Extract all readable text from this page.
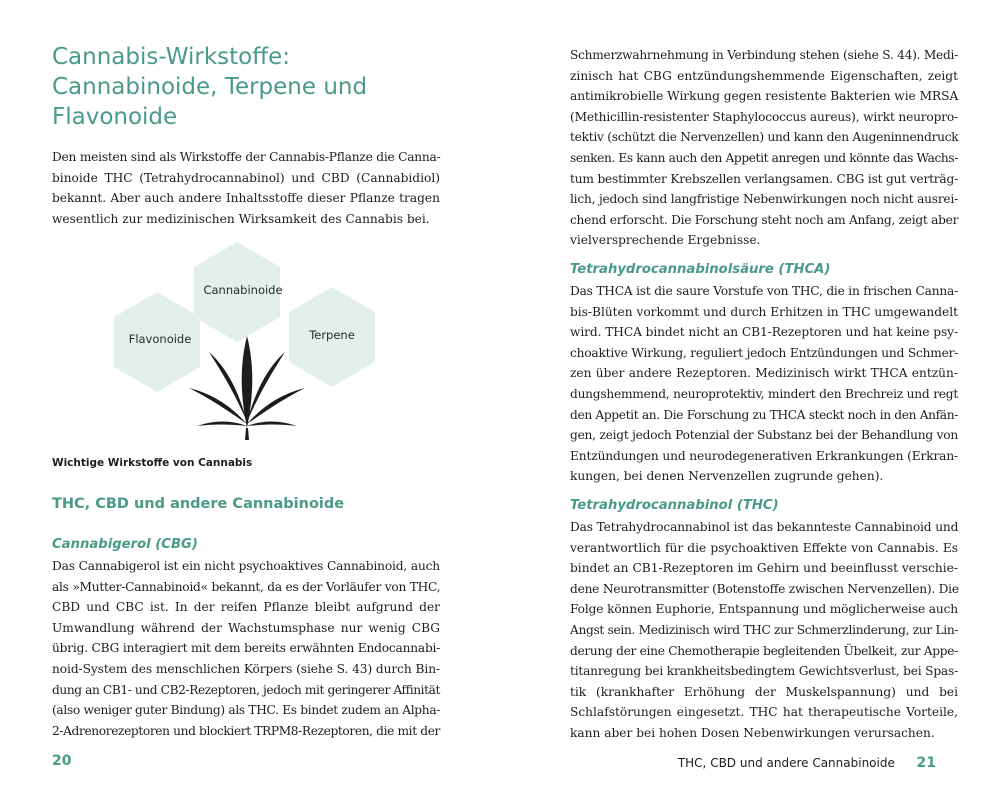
Cannabis-Wirkstoffe:
Cannabinoide, Terpene und
Flavonoide

Den meisten sind als Wirkstoffe der Cannabis-Pflanze die Canna-
binoide THC (Tetrahydrocannabinol) und CBD (Cannabidiol)
bekannt. Aber auch andere Inhaltsstoffe dieser Pflanze tragen
wesentlich zur medizinischen Wirksamkeit des Cannabis bei.

Cannabinoide
Flavonoide	Terpene
Wichtige Wirkstoffe von Cannabis
THC, CBD und andere Cannabinoide
Cannabigerol (CBG)

Das Cannabigerol ist ein nicht psychoaktives Cannabinoid, auch
als »Mutter-Cannabinoid« bekannt, da es der Vorläufer von THC,
CBD und CBC ist. In der reifen Pflanze bleibt aufgrund der
Umwandlung während der Wachstumsphase nur wenig CBG
übrig. CBG interagiert mit dem bereits erwähnten Endocannabi-
noid-System des menschlichen Körpers (siehe S. 43) durch Bin-
dung an CB1- und CB2-Rezeptoren, jedoch mit geringerer Affinität
(also weniger guter Bindung) als THC. Es bindet zudem an Alpha-
2-Adrenorezeptoren und blockiert TRPM8-Rezeptoren, die mit der

20

Schmerzwahrnehmung in Verbindung stehen (siehe S. 44). Medi-
zinisch hat CBG entzündungshemmende Eigenschaften, zeigt
antimikrobielle Wirkung gegen resistente Bakterien wie MRSA
(Methicillin-resistenter Staphylococcus aureus), wirkt neuropro-
tektiv (schützt die Nervenzellen) und kann den Augeninnendruck
senken. Es kann auch den Appetit anregen und könnte das Wachs-
tum bestimmter Krebszellen verlangsamen. CBG ist gut verträg-
lich, jedoch sind langfristige Nebenwirkungen noch nicht ausrei-
chend erforscht. Die Forschung steht noch am Anfang, zeigt aber
vielversprechende Ergebnisse.

Tetrahydrocannabinolsäure (THCA)

Das THCA ist die saure Vorstufe von THC, die in frischen Canna-
bis-Blüten vorkommt und durch Erhitzen in THC umgewandelt
wird. THCA bindet nicht an CB1-Rezeptoren und hat keine psy-
choaktive Wirkung, reguliert jedoch Entzündungen und Schmer-
zen über andere Rezeptoren. Medizinisch wirkt THCA entzün-
dungshemmend, neuroprotektiv, mindert den Brechreiz und regt
den Appetit an. Die Forschung zu THCA steckt noch in den Anfän-
gen, zeigt jedoch Potenzial der Substanz bei der Behandlung von
Entzündungen und neurodegenerativen Erkrankungen (Erkran-
kungen, bei denen Nervenzellen zugrunde gehen).

Tetrahydrocannabinol (THC)

Das Tetrahydrocannabinol ist das bekannteste Cannabinoid und
verantwortlich für die psychoaktiven Effekte von Cannabis. Es
bindet an CB1-Rezeptoren im Gehirn und beeinflusst verschie-
dene Neurotransmitter (Botenstoffe zwischen Nervenzellen). Die
Folge können Euphorie, Entspannung und möglicherweise auch
Angst sein. Medizinisch wird THC zur Schmerzlinderung, zur Lin-
derung der eine Chemotherapie begleitenden Übelkeit, zur Appe-
titanregung bei krankheitsbedingtem Gewichtsverlust, bei Spas-
tik (krankhafter Erhöhung der Muskelspannung) und bei
Schlafstörungen eingesetzt. THC hat therapeutische Vorteile,
kann aber bei hohen Dosen Nebenwirkungen verursachen.

THC, CBD und andere Cannabinoide 21
